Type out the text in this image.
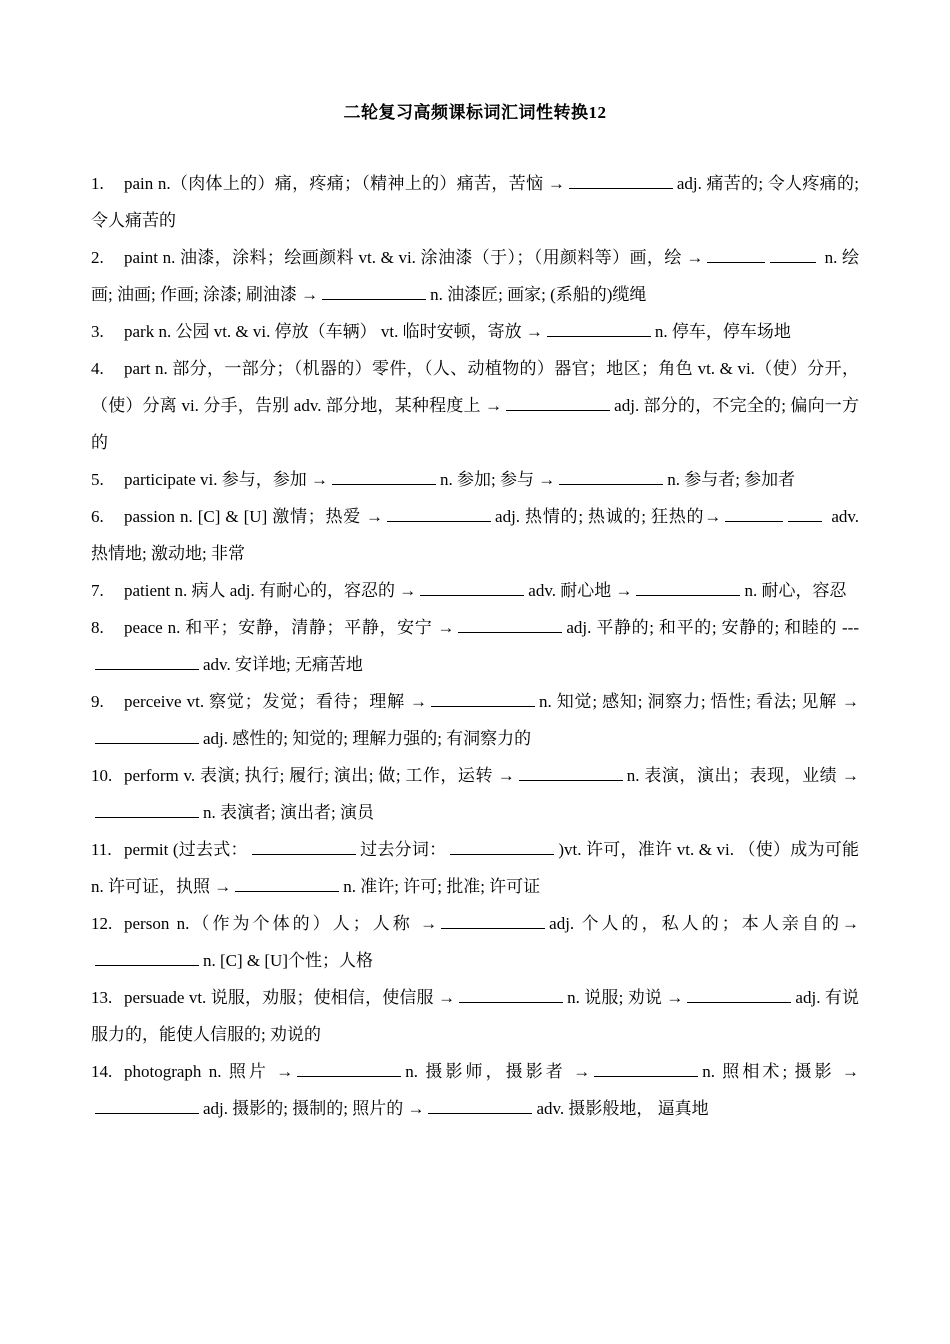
二轮复习高频课标词汇词性转换12

1. pain n.（肉体上的）痛，疼痛；（精神上的）痛苦，苦恼 →	adj. 痛苦的; 令人疼痛的; 令人痛苦的

2. paint n. 油漆，涂料；绘画颜料 vt. & vi. 涂油漆（于）；（用颜料等）画，绘 →	n. 绘画; 油画; 作画; 涂漆; 刷油漆 →	n. 油漆匠; 画家; (系船的)缆绳

3. park n. 公园 vt. & vi. 停放（车辆） vt. 临时安顿，寄放 →	n. 停车，停车场地

4. part n. 部分，一部分；（机器的）零件，（人、动植物的）器官；地区；角色 vt. & vi.（使）分开，（使）分离 vi. 分手，告别 adv. 部分地，某种程度上 →	adj. 部分的，不完全的; 偏向一方的

5. participate vi. 参与，参加 →	n. 参加; 参与 →	n. 参与者; 参加者

6. passion n. [C] & [U] 激情；热爱 →	adj. 热情的; 热诚的; 狂热的→	adv. 热情地; 激动地; 非常

7. patient n. 病人 adj. 有耐心的，容忍的 →	adv. 耐心地 →	n. 耐心，容忍

8. peace n. 和平；安静，清静；平静，安宁 →	adj. 平静的; 和平的; 安静的; 和睦的 ---adv. 安详地; 无痛苦地

9. perceive vt. 察觉；发觉；看待；理解 →	n. 知觉; 感知; 洞察力; 悟性; 看法; 见解 →adj. 感性的; 知觉的; 理解力强的; 有洞察力的

10. perform v. 表演; 执行; 履行; 演出; 做; 工作，运转 →	n. 表演，演出；表现，业绩 →n. 表演者; 演出者; 演员

11. permit (过去式：	过去分词：	)vt. 许可，准许 vt. & vi. （使）成为可能 n. 许可证，执照 →	n. 准许; 许可; 批准; 许可证

12. person n.（作为个体的）人；人称 →	adj. 个人的，私人的；本人亲自的→n. [C] & [U]个性；人格

13. persuade vt. 说服，劝服；使相信，使信服 →	n. 说服; 劝说 →	adj. 有说服力的，能使人信服的; 劝说的

14. photograph n. 照片 →	n. 摄影师，摄影者 →	n. 照相术; 摄影 →adj. 摄影的; 摄制的; 照片的 →	adv. 摄影般地， 逼真地
